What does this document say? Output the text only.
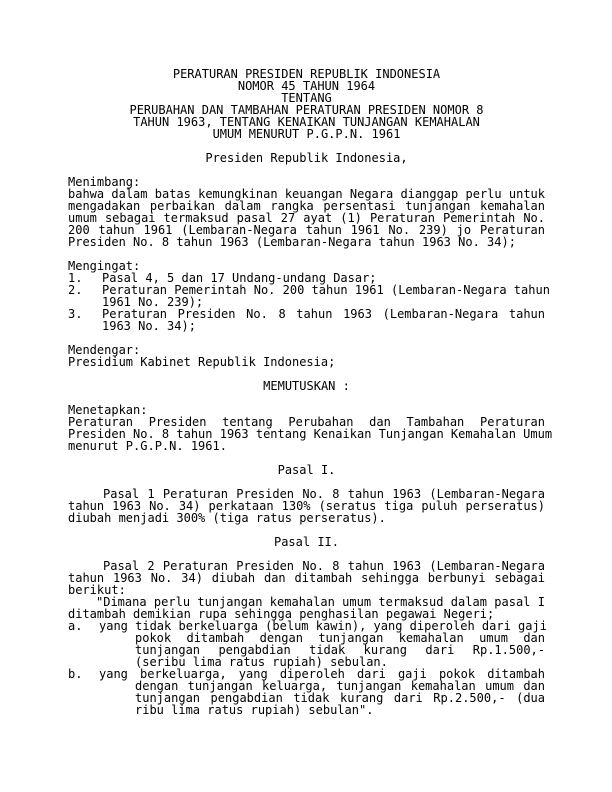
PERATURAN PRESIDEN REPUBLIK INDONESIA
NOMOR 45 TAHUN 1964
TENTANG
PERUBAHAN DAN TAMBAHAN PERATURAN PRESIDEN NOMOR 8
TAHUN 1963, TENTANG KENAIKAN TUNJANGAN KEMAHALAN
UMUM MENURUT P.G.P.N. 1961
Presiden Republik Indonesia,
Menimbang:
bahwa dalam batas kemungkinan keuangan Negara dianggap perlu untuk
mengadakan perbaikan dalam rangka persentasi tunjangan kemahalan
umum sebagai termaksud pasal 27 ayat (1) Peraturan Pemerintah No.
200 tahun 1961 (Lembaran-Negara tahun 1961 No. 239) jo Peraturan
Presiden No. 8 tahun 1963 (Lembaran-Negara tahun 1963 No. 34);
Mengingat:
1. Pasal 4, 5 dan 17 Undang-undang Dasar;
2. Peraturan Pemerintah No. 200 tahun 1961 (Lembaran-Negara tahun
1961 No. 239);
3. Peraturan Presiden No. 8 tahun 1963 (Lembaran-Negara tahun
1963 No. 34);
Mendengar:
Presidium Kabinet Republik Indonesia;
MEMUTUSKAN :
Menetapkan:
Peraturan Presiden tentang Perubahan dan Tambahan Peraturan
Presiden No. 8 tahun 1963 tentang Kenaikan Tunjangan Kemahalan Umum
menurut P.G.P.N. 1961.
Pasal I.
Pasal 1 Peraturan Presiden No. 8 tahun 1963 (Lembaran-Negara
tahun 1963 No. 34) perkataan 130% (seratus tiga puluh perseratus)
diubah menjadi 300% (tiga ratus perseratus).
Pasal II.
Pasal 2 Peraturan Presiden No. 8 tahun 1963 (Lembaran-Negara
tahun 1963 No. 34) diubah dan ditambah sehingga berbunyi sebagai
berikut:
"Dimana perlu tunjangan kemahalan umum termaksud dalam pasal I
ditambah demikian rupa sehingga penghasilan pegawai Negeri;
a. yang tidak berkeluarga (belum kawin), yang diperoleh dari gaji
pokok ditambah dengan tunjangan kemahalan umum dan
tunjangan pengabdian tidak kurang dari Rp.1.500,-
(seribu lima ratus rupiah) sebulan.
b. yang berkeluarga, yang diperoleh dari gaji pokok ditambah
dengan tunjangan keluarga, tunjangan kemahalan umum dan
tunjangan pengabdian tidak kurang dari Rp.2.500,- (dua
ribu lima ratus rupiah) sebulan".
